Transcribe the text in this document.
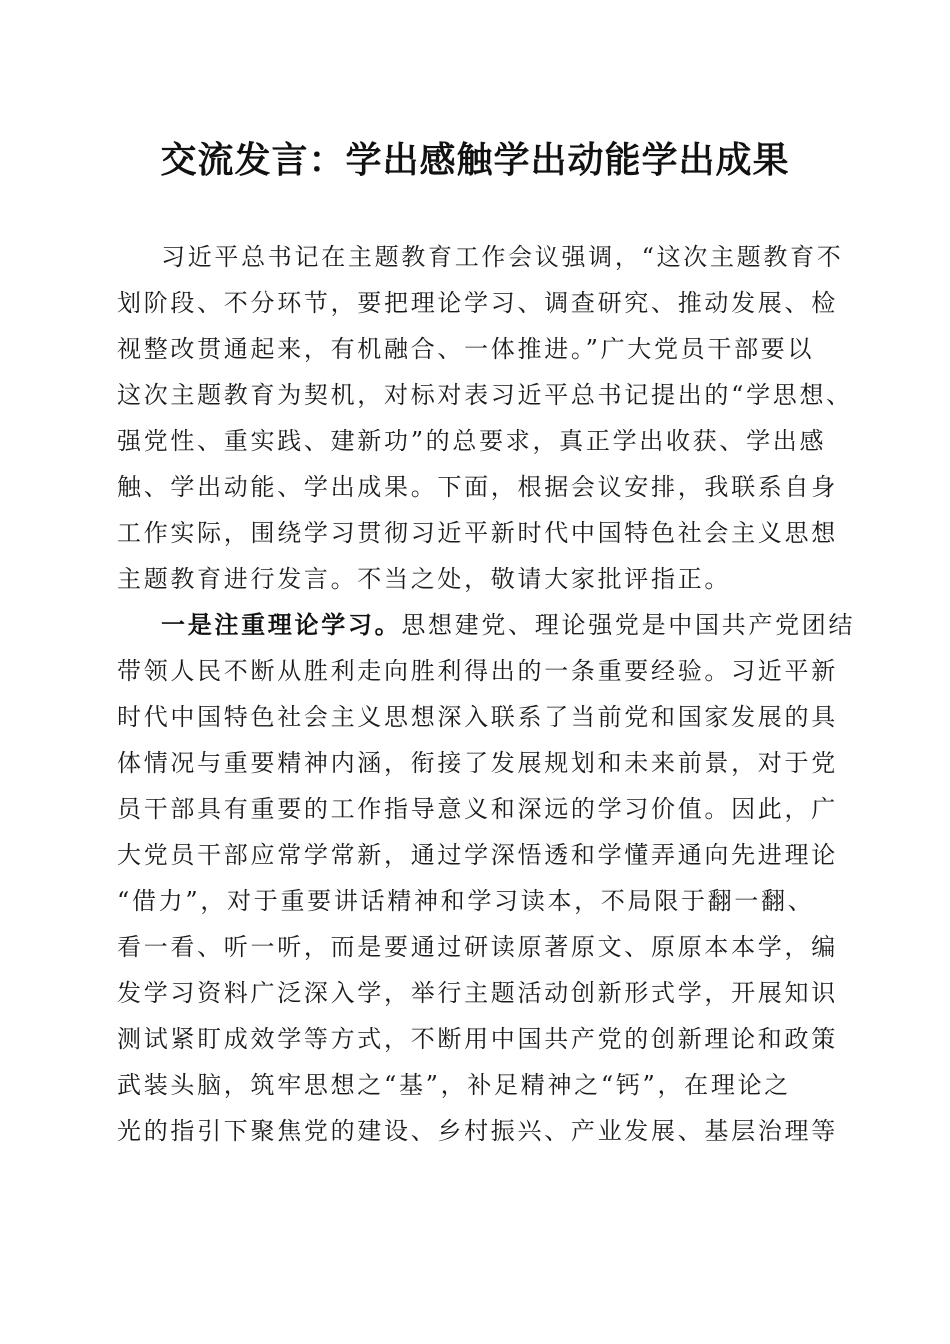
交流发言：学出感触学出动能学出成果
习近平总书记在主题教育工作会议强调，“这次主题教育不
划阶段、不分环节，要把理论学习、调查研究、推动发展、检
视整改贯通起来，有机融合、一体推进。”广大党员干部要以
这次主题教育为契机，对标对表习近平总书记提出的“学思想、
强党性、重实践、建新功”的总要求，真正学出收获、学出感
触、学出动能、学出成果。下面，根据会议安排，我联系自身
工作实际，围绕学习贯彻习近平新时代中国特色社会主义思想
主题教育进行发言。不当之处，敬请大家批评指正。
一是注重理论学习。思想建党、理论强党是中国共产党团结
带领人民不断从胜利走向胜利得出的一条重要经验。习近平新
时代中国特色社会主义思想深入联系了当前党和国家发展的具
体情况与重要精神内涵，衔接了发展规划和未来前景，对于党
员干部具有重要的工作指导意义和深远的学习价值。因此，广
大党员干部应常学常新，通过学深悟透和学懂弄通向先进理论
“借力”，对于重要讲话精神和学习读本，不局限于翻一翻、
看一看、听一听，而是要通过研读原著原文、原原本本学，编
发学习资料广泛深入学，举行主题活动创新形式学，开展知识
测试紧盯成效学等方式，不断用中国共产党的创新理论和政策
武装头脑，筑牢思想之“基”，补足精神之“钙”，在理论之
光的指引下聚焦党的建设、乡村振兴、产业发展、基层治理等
